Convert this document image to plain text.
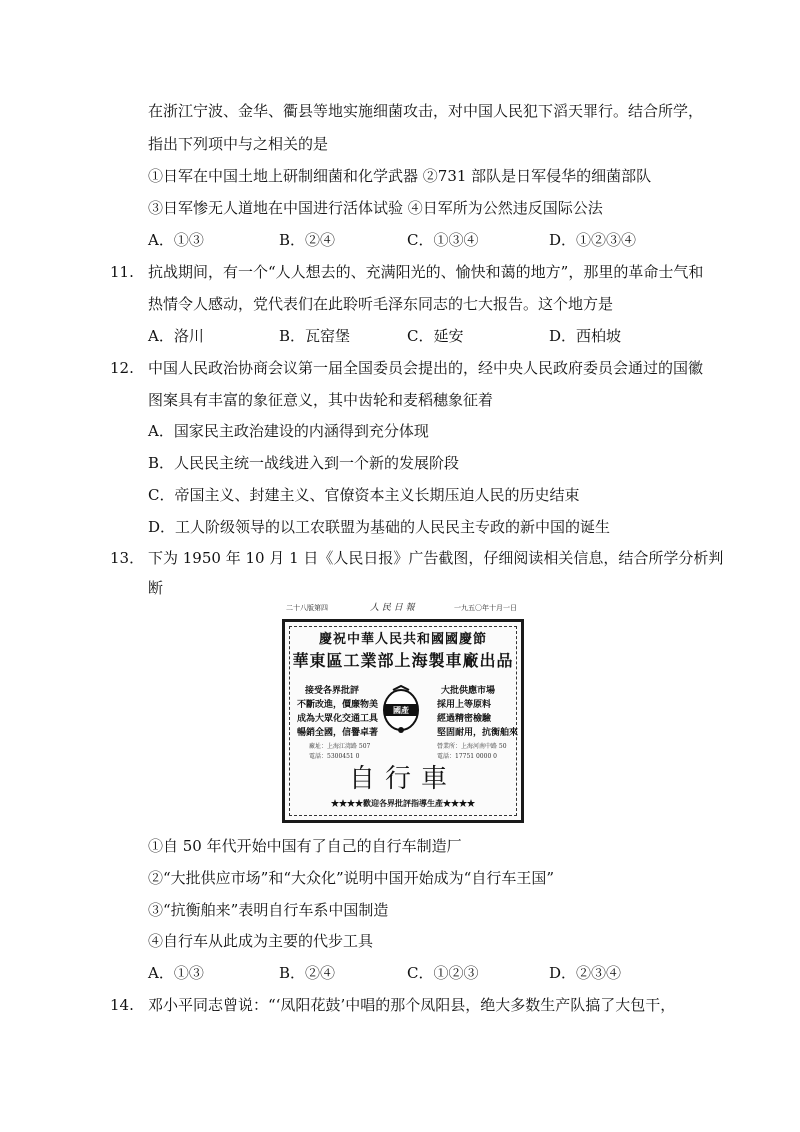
在浙江宁波、金华、衢县等地实施细菌攻击，对中国人民犯下滔天罪行。结合所学，
指出下列项中与之相关的是
①日军在中国土地上研制细菌和化学武器 ②731 部队是日军侵华的细菌部队
③日军惨无人道地在中国进行活体试验 ④日军所为公然违反国际公法
A．①③	B．②④	C．①③④	D．①②③④
11. 抗战期间，有一个“人人想去的、充满阳光的、愉快和蔼的地方”，那里的革命士气和
热情令人感动，党代表们在此聆听毛泽东同志的七大报告。这个地方是
A．洛川	B．瓦窑堡	C．延安	D．西柏坡
12. 中国人民政治协商会议第一届全国委员会提出的，经中央人民政府委员会通过的国徽
图案具有丰富的象征意义，其中齿轮和麦稻穗象征着
A．国家民主政治建设的内涵得到充分体现
B．人民民主统一战线进入到一个新的发展阶段
C．帝国主义、封建主义、官僚资本主义长期压迫人民的历史结束
D．工人阶级领导的以工农联盟为基础的人民民主专政的新中国的诞生
13． 下为 1950 年 10 月 1 日《人民日报》广告截图，仔细阅读相关信息，结合所学分析判
断
二十八版第四	人 民 日 報	一九五〇年十月一日
慶祝中華人民共和國國慶節
華東區工業部上海製車廠出品
接受各界批評
不斷改進，價廉物美
成為大眾化交通工具
暢銷全國，信譽卓著
國產
大批供應市場
採用上等原料
經過精密檢驗
堅固耐用，抗衡舶來
廠址：上海江湾路 507
電話：5300451 0
營業所：上海河南中路 50
電話：17751 0000 0
自行車
★★★★歡迎各界批評指導生產★★★★
①自 50 年代开始中国有了自己的自行车制造厂
②“大批供应市场”和“大众化”说明中国开始成为“自行车王国”
③“抗衡舶来”表明自行车系中国制造
④自行车从此成为主要的代步工具
A．①③	B．②④	C．①②③	D．②③④
14. 邓小平同志曾说：“‘凤阳花鼓’中唱的那个凤阳县，绝大多数生产队搞了大包干，
